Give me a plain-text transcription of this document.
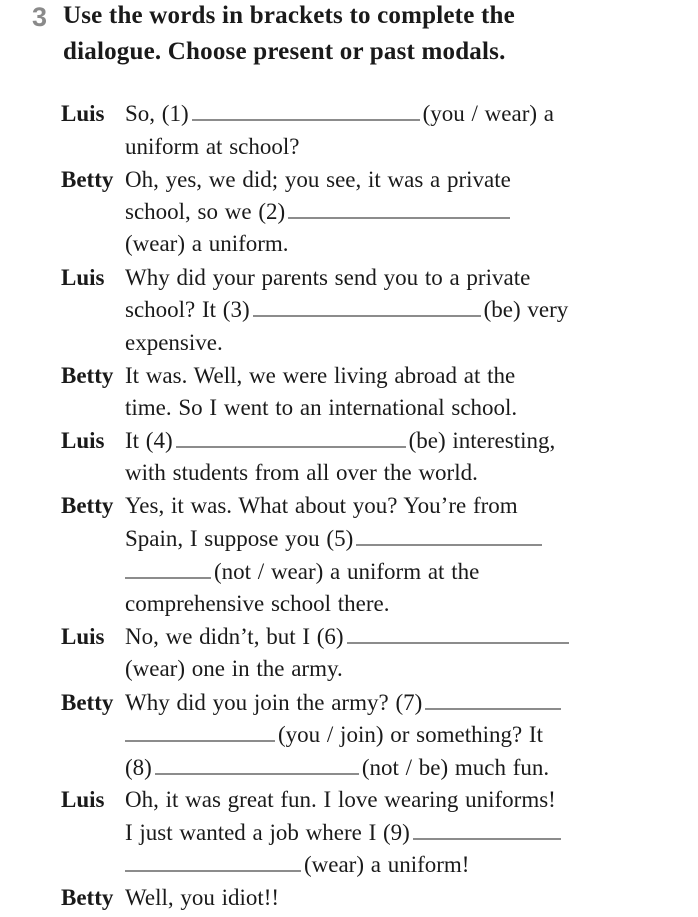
3 Use the words in brackets to complete the
dialogue. Choose present or past modals.
Luis So, (1)	(you / wear) a
uniform at school?
Betty Oh, yes, we did; you see, it was a private
school, so we (2)
(wear) a uniform.
Luis Why did your parents send you to a private
school? It (3)	(be) very
expensive.
Betty It was. Well, we were living abroad at the
time. So I went to an international school.
Luis It (4)	(be) interesting,
with students from all over the world.
Betty Yes, it was. What about you? You’re from
Spain, I suppose you (5)
(not / wear) a uniform at the
comprehensive school there.
Luis No, we didn’t, but I (6)
(wear) one in the army.
Betty Why did you join the army? (7)
(you / join) or something? It
(8)	(not / be) much fun.
Luis Oh, it was great fun. I love wearing uniforms!
I just wanted a job where I (9)
(wear) a uniform!
Betty Well, you idiot!!
